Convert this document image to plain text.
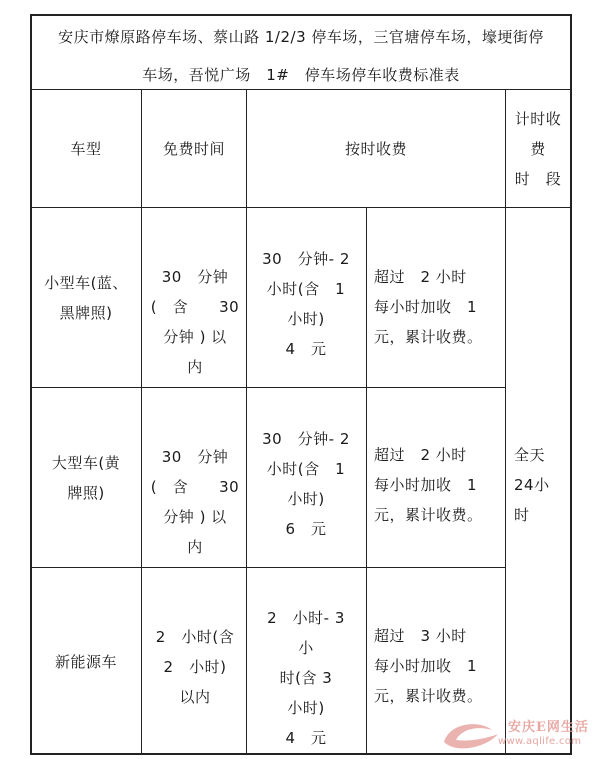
安庆市燎原路停车场、蔡山路 1/2/3 停车场，三官塘停车场，壕埂街停
车场，吾悦广场　1#　停车场停车收费标准表
车型	免费时间	按时收费
计时收
费
时　段
小型车(蓝、
黑牌照)

30　分钟
(　含　　30
分钟 ) 以
内

30　分钟- 2
小时(含　1
小时)
4　元

超过　2 小时
每小时加收　1
元，累计收费。

大型车(黄
牌照)

30　分钟
(　含　　30
分钟 ) 以
内

30　分钟- 2
小时(含　1
小时)
6　元

超过　2 小时
每小时加收　1
元，累计收费。

新能源车

2　小时(含
2　小时)
以内

2　小时- 3
小
时(含 3
小时)
4　元

超过　3 小时
每小时加收　1
元，累计收费。

全天
24小
时

安庆E网生活
www.aqlife.com
